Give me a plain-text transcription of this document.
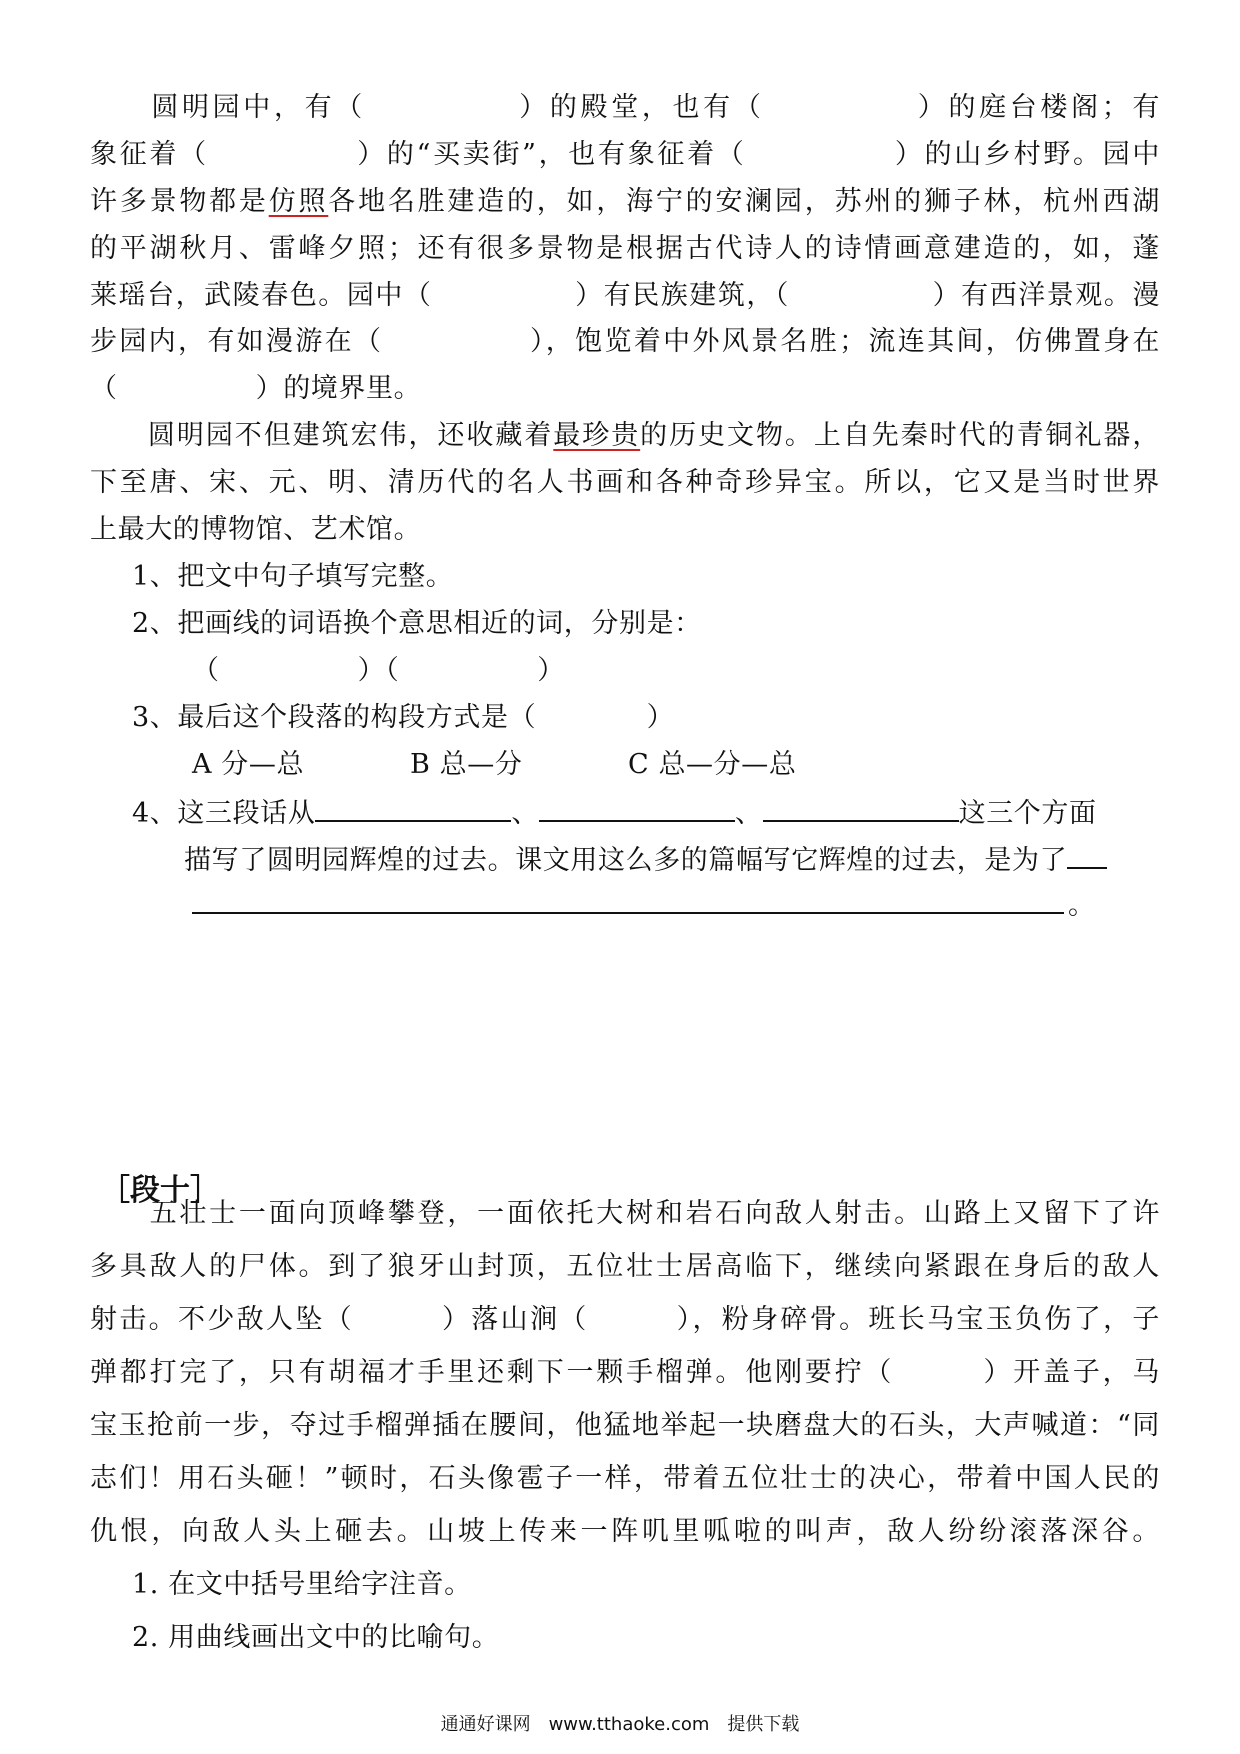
　　圆明园中，有（　　　　　）的殿堂，也有（　　　　　）的庭台楼阁；有
象征着（　　　　　）的“买卖街”，也有象征着（　　　　　）的山乡村野。园中
许多景物都是仿照各地名胜建造的，如，海宁的安澜园，苏州的狮子林，杭州西湖
的平湖秋月、雷峰夕照；还有很多景物是根据古代诗人的诗情画意建造的，如，蓬
莱瑶台，武陵春色。园中（　　　　　）有民族建筑，（　　　　　）有西洋景观。漫
步园内，有如漫游在（　　　　　），饱览着中外风景名胜；流连其间，仿佛置身在
（　　　　　）的境界里。
　　圆明园不但建筑宏伟，还收藏着最珍贵的历史文物。上自先秦时代的青铜礼器，
下至唐、宋、元、明、清历代的名人书画和各种奇珍异宝。所以，它又是当时世界
上最大的博物馆、艺术馆。
1、把文中句子填写完整。
2、把画线的词语换个意思相近的词，分别是：
（　　　　　）（　　　　　）
3、最后这个段落的构段方式是（　　　　）
A 分—总	B 总—分	C 总—分—总
4、这三段话从	、	、	这三个方面
描写了圆明园辉煌的过去。课文用这么多的篇幅写它辉煌的过去，是为了
。
［段十］
　　五壮士一面向顶峰攀登，一面依托大树和岩石向敌人射击。山路上又留下了许
多具敌人的尸体。到了狼牙山封顶，五位壮士居高临下，继续向紧跟在身后的敌人
射击。不少敌人坠（　　　）落山涧（　　　），粉身碎骨。班长马宝玉负伤了，子
弹都打完了，只有胡福才手里还剩下一颗手榴弹。他刚要拧（　　　）开盖子，马
宝玉抢前一步，夺过手榴弹插在腰间，他猛地举起一块磨盘大的石头，大声喊道：“同
志们！用石头砸！”顿时，石头像雹子一样，带着五位壮士的决心，带着中国人民的
仇恨，向敌人头上砸去。山坡上传来一阵叽里呱啦的叫声，敌人纷纷滚落深谷。
1. 在文中括号里给字注音。
2. 用曲线画出文中的比喻句。
通通好课网　www.tthaoke.com　提供下载
